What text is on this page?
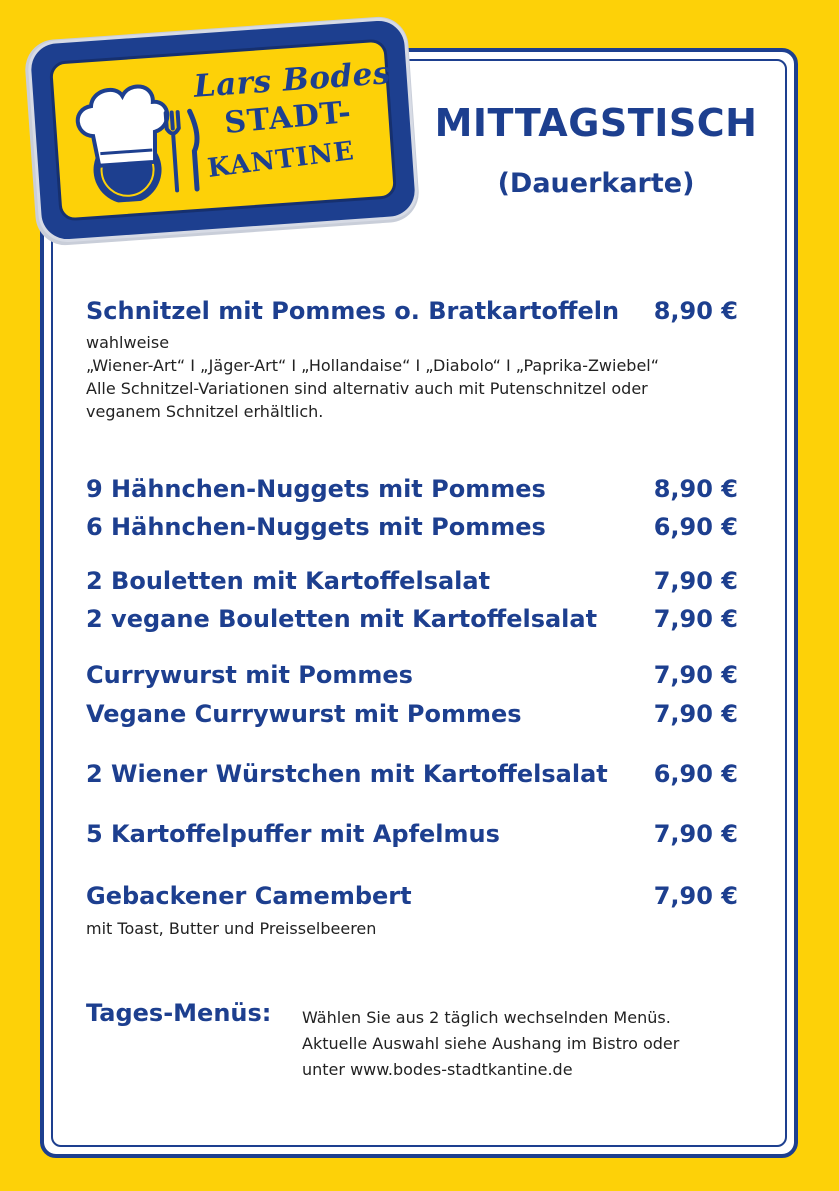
Lars Bodes
STADT-
KANTINE
MITTAGSTISCH
(Dauerkarte)
Schnitzel mit Pommes o. Bratkartoffeln 8,90 €
wahlweise
„Wiener-Art“ I „Jäger-Art“ I „Hollandaise“ I „Diabolo“ I „Paprika-Zwiebel“
Alle Schnitzel-Variationen sind alternativ auch mit Putenschnitzel oder
veganem Schnitzel erhältlich.
9 Hähnchen-Nuggets mit Pommes	8,90 €
6 Hähnchen-Nuggets mit Pommes	6,90 €
2 Bouletten mit Kartoffelsalat	7,90 €
2 vegane Bouletten mit Kartoffelsalat 7,90 €
Currywurst mit Pommes	7,90 €
Vegane Currywurst mit Pommes	7,90 €
2 Wiener Würstchen mit Kartoffelsalat 6,90 €
5 Kartoffelpuffer mit Apfelmus	7,90 €
Gebackener Camembert	7,90 €
mit Toast, Butter und Preisselbeeren
Tages-Menüs: Wählen Sie aus 2 täglich wechselnden Menüs.
Aktuelle Auswahl siehe Aushang im Bistro oder
unter www.bodes-stadtkantine.de
